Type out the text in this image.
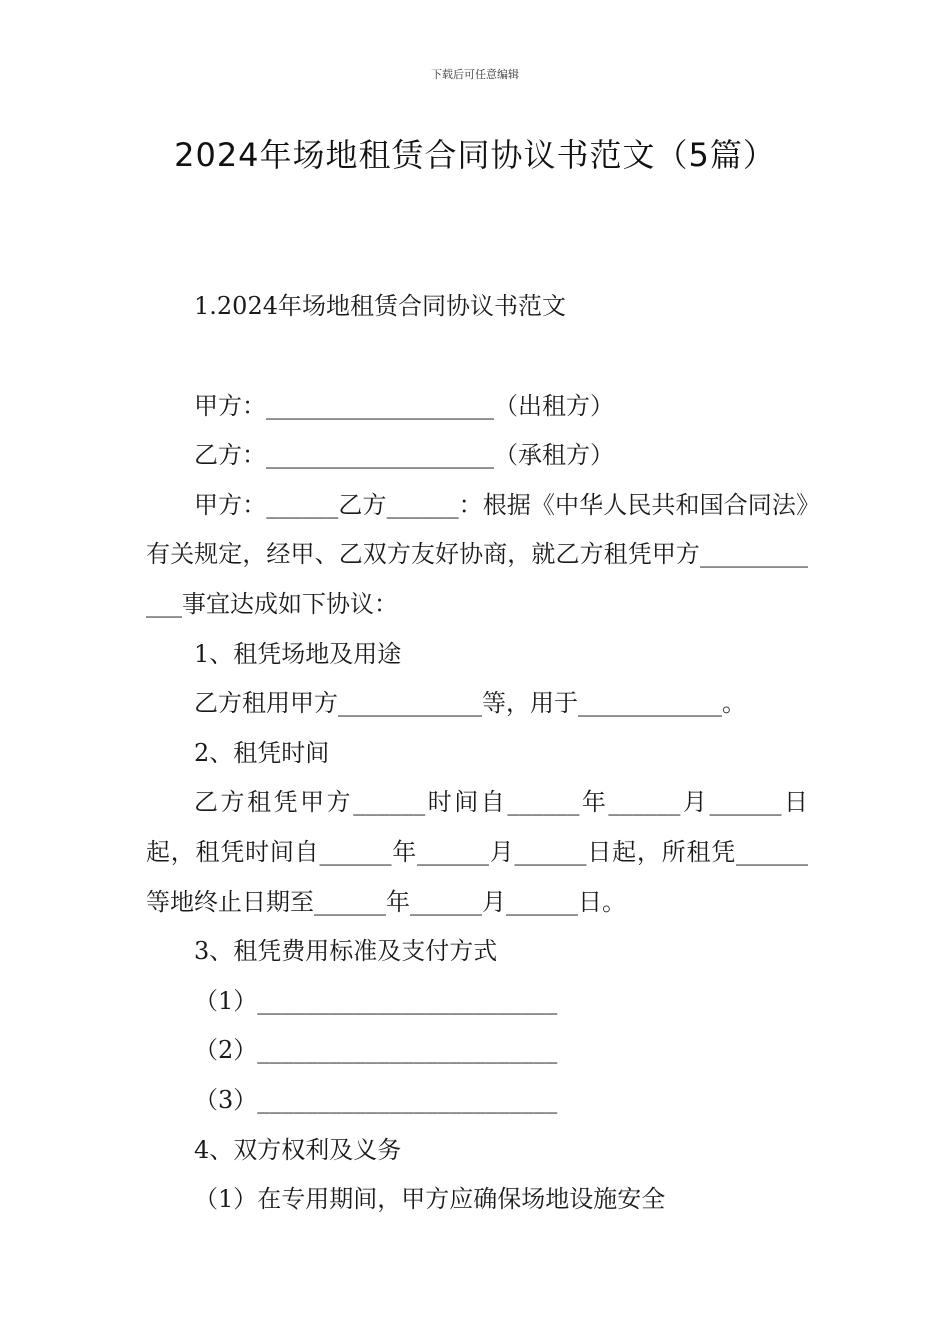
下载后可任意编辑
2024年场地租赁合同协议书范文（5篇）

1.2024年场地租赁合同协议书范文

甲方：___________________（出租方）

乙方：___________________（承租方）

甲方：______乙方______：根据《中华人民共和国合同法》有关规定，经甲、乙双方友好协商，就乙方租凭甲方____________事宜达成如下协议：

1、租凭场地及用途

乙方租用甲方____________等，用于____________。

2、租凭时间

乙方租凭甲方______时间自______年______月______日起，租凭时间自______年______月______日起，所租凭______等地终止日期至______年______月______日。

3、租凭费用标准及支付方式

（1）_________________________

（2）_________________________

（3）_________________________

4、双方权利及义务

（1）在专用期间，甲方应确保场地设施安全
